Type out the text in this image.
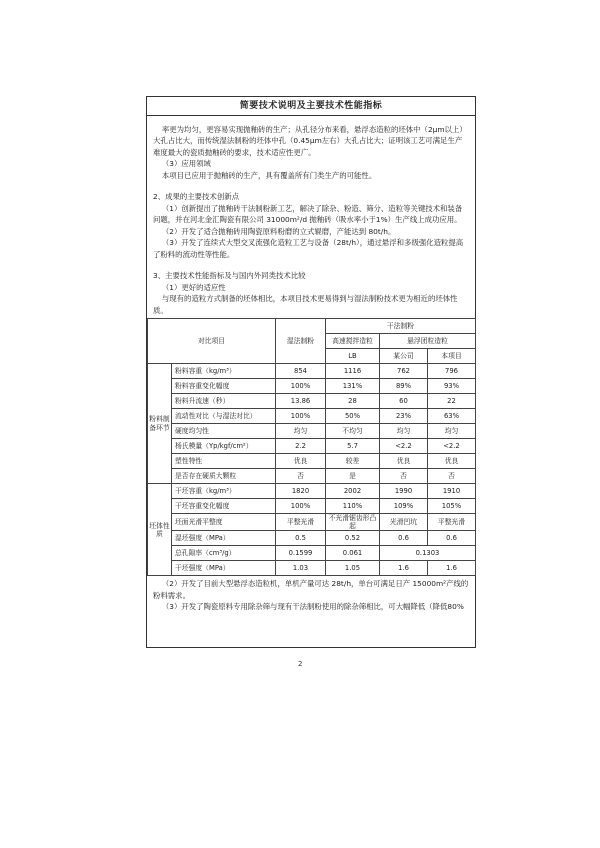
简要技术说明及主要技术性能指标

率更为均匀，更容易实现抛釉砖的生产；从孔径分布来看，悬浮态造粒的坯体中（2μm以上）大孔占比大，而传统湿法制粉的坯体中孔（0.45μm左右）大孔占比大；证明该工艺可满足生产难度最大的瓷质抛釉砖的要求，技术适应性更广。

（3）应用领域

本项目已应用于抛釉砖的生产，具有覆盖所有门类生产的可能性。

2、成果的主要技术创新点

（1）创新提出了抛釉砖干法制粉新工艺，解决了除杂、粉造、筛分、造粒等关键技术和装备问题，并在河北金汇陶瓷有限公司 31000m²/d 抛釉砖（吸水率小于1%）生产线上成功应用。

（2）开发了适合抛釉砖用陶瓷原料粉磨的立式辊磨，产能达到 80t/h。

（3）开发了连续式大型交叉流强化造粒工艺与设备（28t/h），通过悬浮和多级强化造粒提高了粉料的流动性等性能。

3、主要技术性能指标及与国内外同类技术比较

（1）更好的适应性

与现有的造粒方式制备的坯体相比，本项目技术更易得到与湿法制粉技术更为相近的坯体性质。

对比项目		湿法制粉	干法制粉		
			高速搅拌造粒	悬浮团粒造粒	
			LB	某公司	本项目
粉料制备环节	粉料容重（kg/m³）	854	1116	762	796
	粉料容重变化幅度	100%	131%	89%	93%
	粉料升流速（秒）	13.86	28	60	22
	流动性对比（与湿法对比）	100%	50%	23%	63%
	硬度均匀性	均匀	不均匀	均匀	均匀
	杨氏模量（Yp/kgf/cm²）	2.2	5.7	<2.2	<2.2
	塑性特性	优良	较差	优良	优良
	是否存在硬质大颗粒	否	是	否	否
坯体性质	干坯容重（kg/m³）	1820	2002	1990	1910
	干坯容重变化幅度	100%	110%	109%	105%
	坯面光滑平整度	平整光滑	不光滑锯齿形凸起	光滑凹坑	平整光滑
	湿坯强度（MPa）	0.5	0.52	0.6	0.6
	总孔隙率（cm³/g）	0.1599	0.061	0.1303	
	干坯强度（MPa）	1.03	1.05	1.6	1.6

（2）开发了目前大型悬浮态造粒机，单机产量可达 28t/h，单台可满足日产 15000m²产线的粉料需求。

（3）开发了陶瓷原料专用除杂筛与现有干法制粉使用的除杂筛相比，可大幅降低（降低80%

2
